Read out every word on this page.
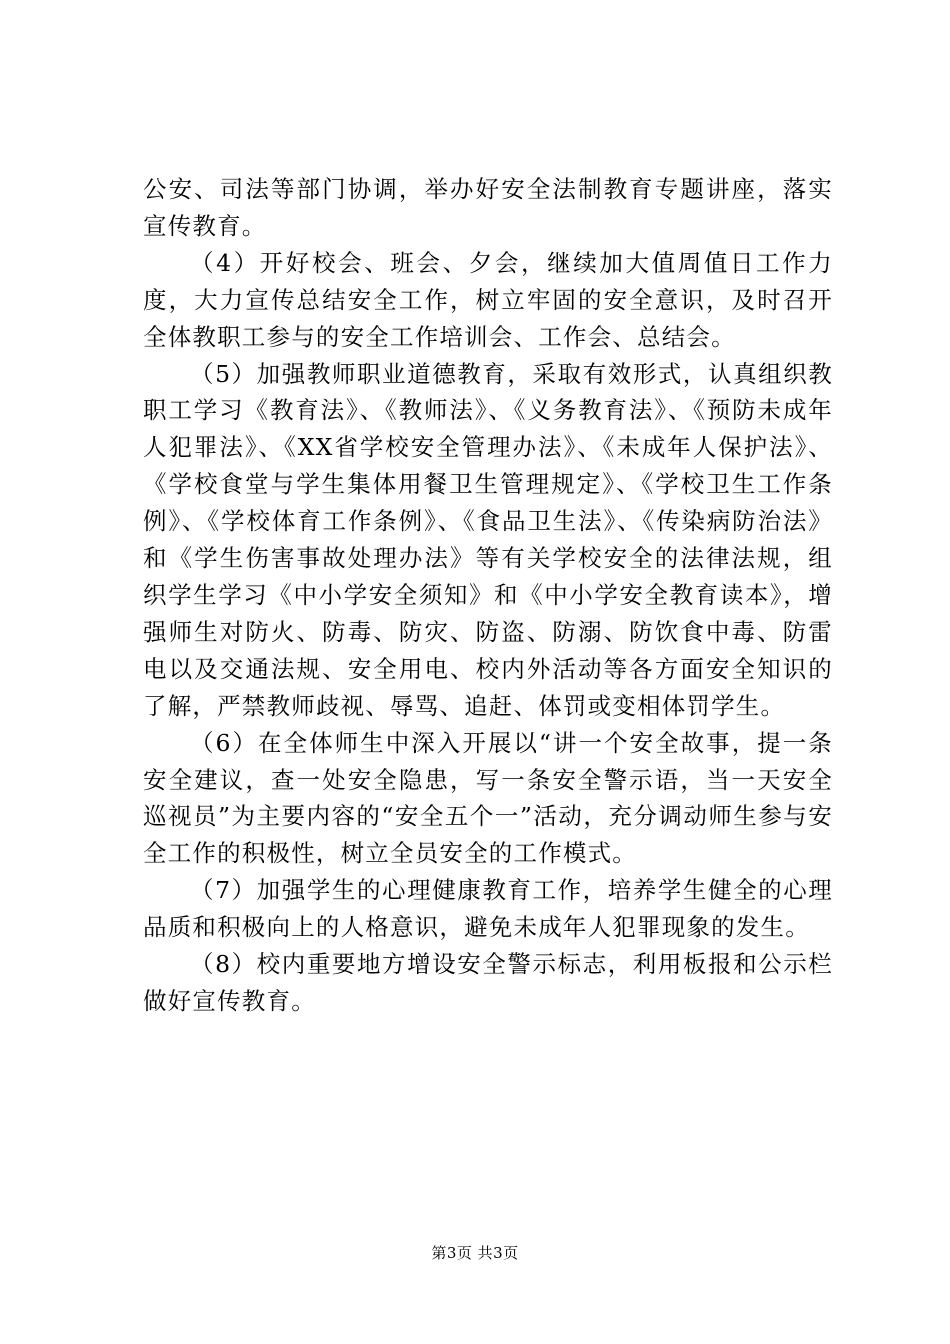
公安、司法等部门协调，举办好安全法制教育专题讲座，落实宣传教育。

（4）开好校会、班会、夕会，继续加大值周值日工作力度，大力宣传总结安全工作，树立牢固的安全意识，及时召开全体教职工参与的安全工作培训会、工作会、总结会。

（5）加强教师职业道德教育，采取有效形式，认真组织教职工学习《教育法》、《教师法》、《义务教育法》、《预防未成年人犯罪法》、《XX省学校安全管理办法》、《未成年人保护法》、《学校食堂与学生集体用餐卫生管理规定》、《学校卫生工作条例》、《学校体育工作条例》、《食品卫生法》、《传染病防治法》和《学生伤害事故处理办法》等有关学校安全的法律法规，组织学生学习《中小学安全须知》和《中小学安全教育读本》，增强师生对防火、防毒、防灾、防盗、防溺、防饮食中毒、防雷电以及交通法规、安全用电、校内外活动等各方面安全知识的了解，严禁教师歧视、辱骂、追赶、体罚或变相体罚学生。

（6）在全体师生中深入开展以“讲一个安全故事，提一条安全建议，查一处安全隐患，写一条安全警示语，当一天安全巡视员”为主要内容的“安全五个一”活动，充分调动师生参与安全工作的积极性，树立全员安全的工作模式。

（7）加强学生的心理健康教育工作，培养学生健全的心理品质和积极向上的人格意识，避免未成年人犯罪现象的发生。

（8）校内重要地方增设安全警示标志，利用板报和公示栏做好宣传教育。

第3页 共3页
